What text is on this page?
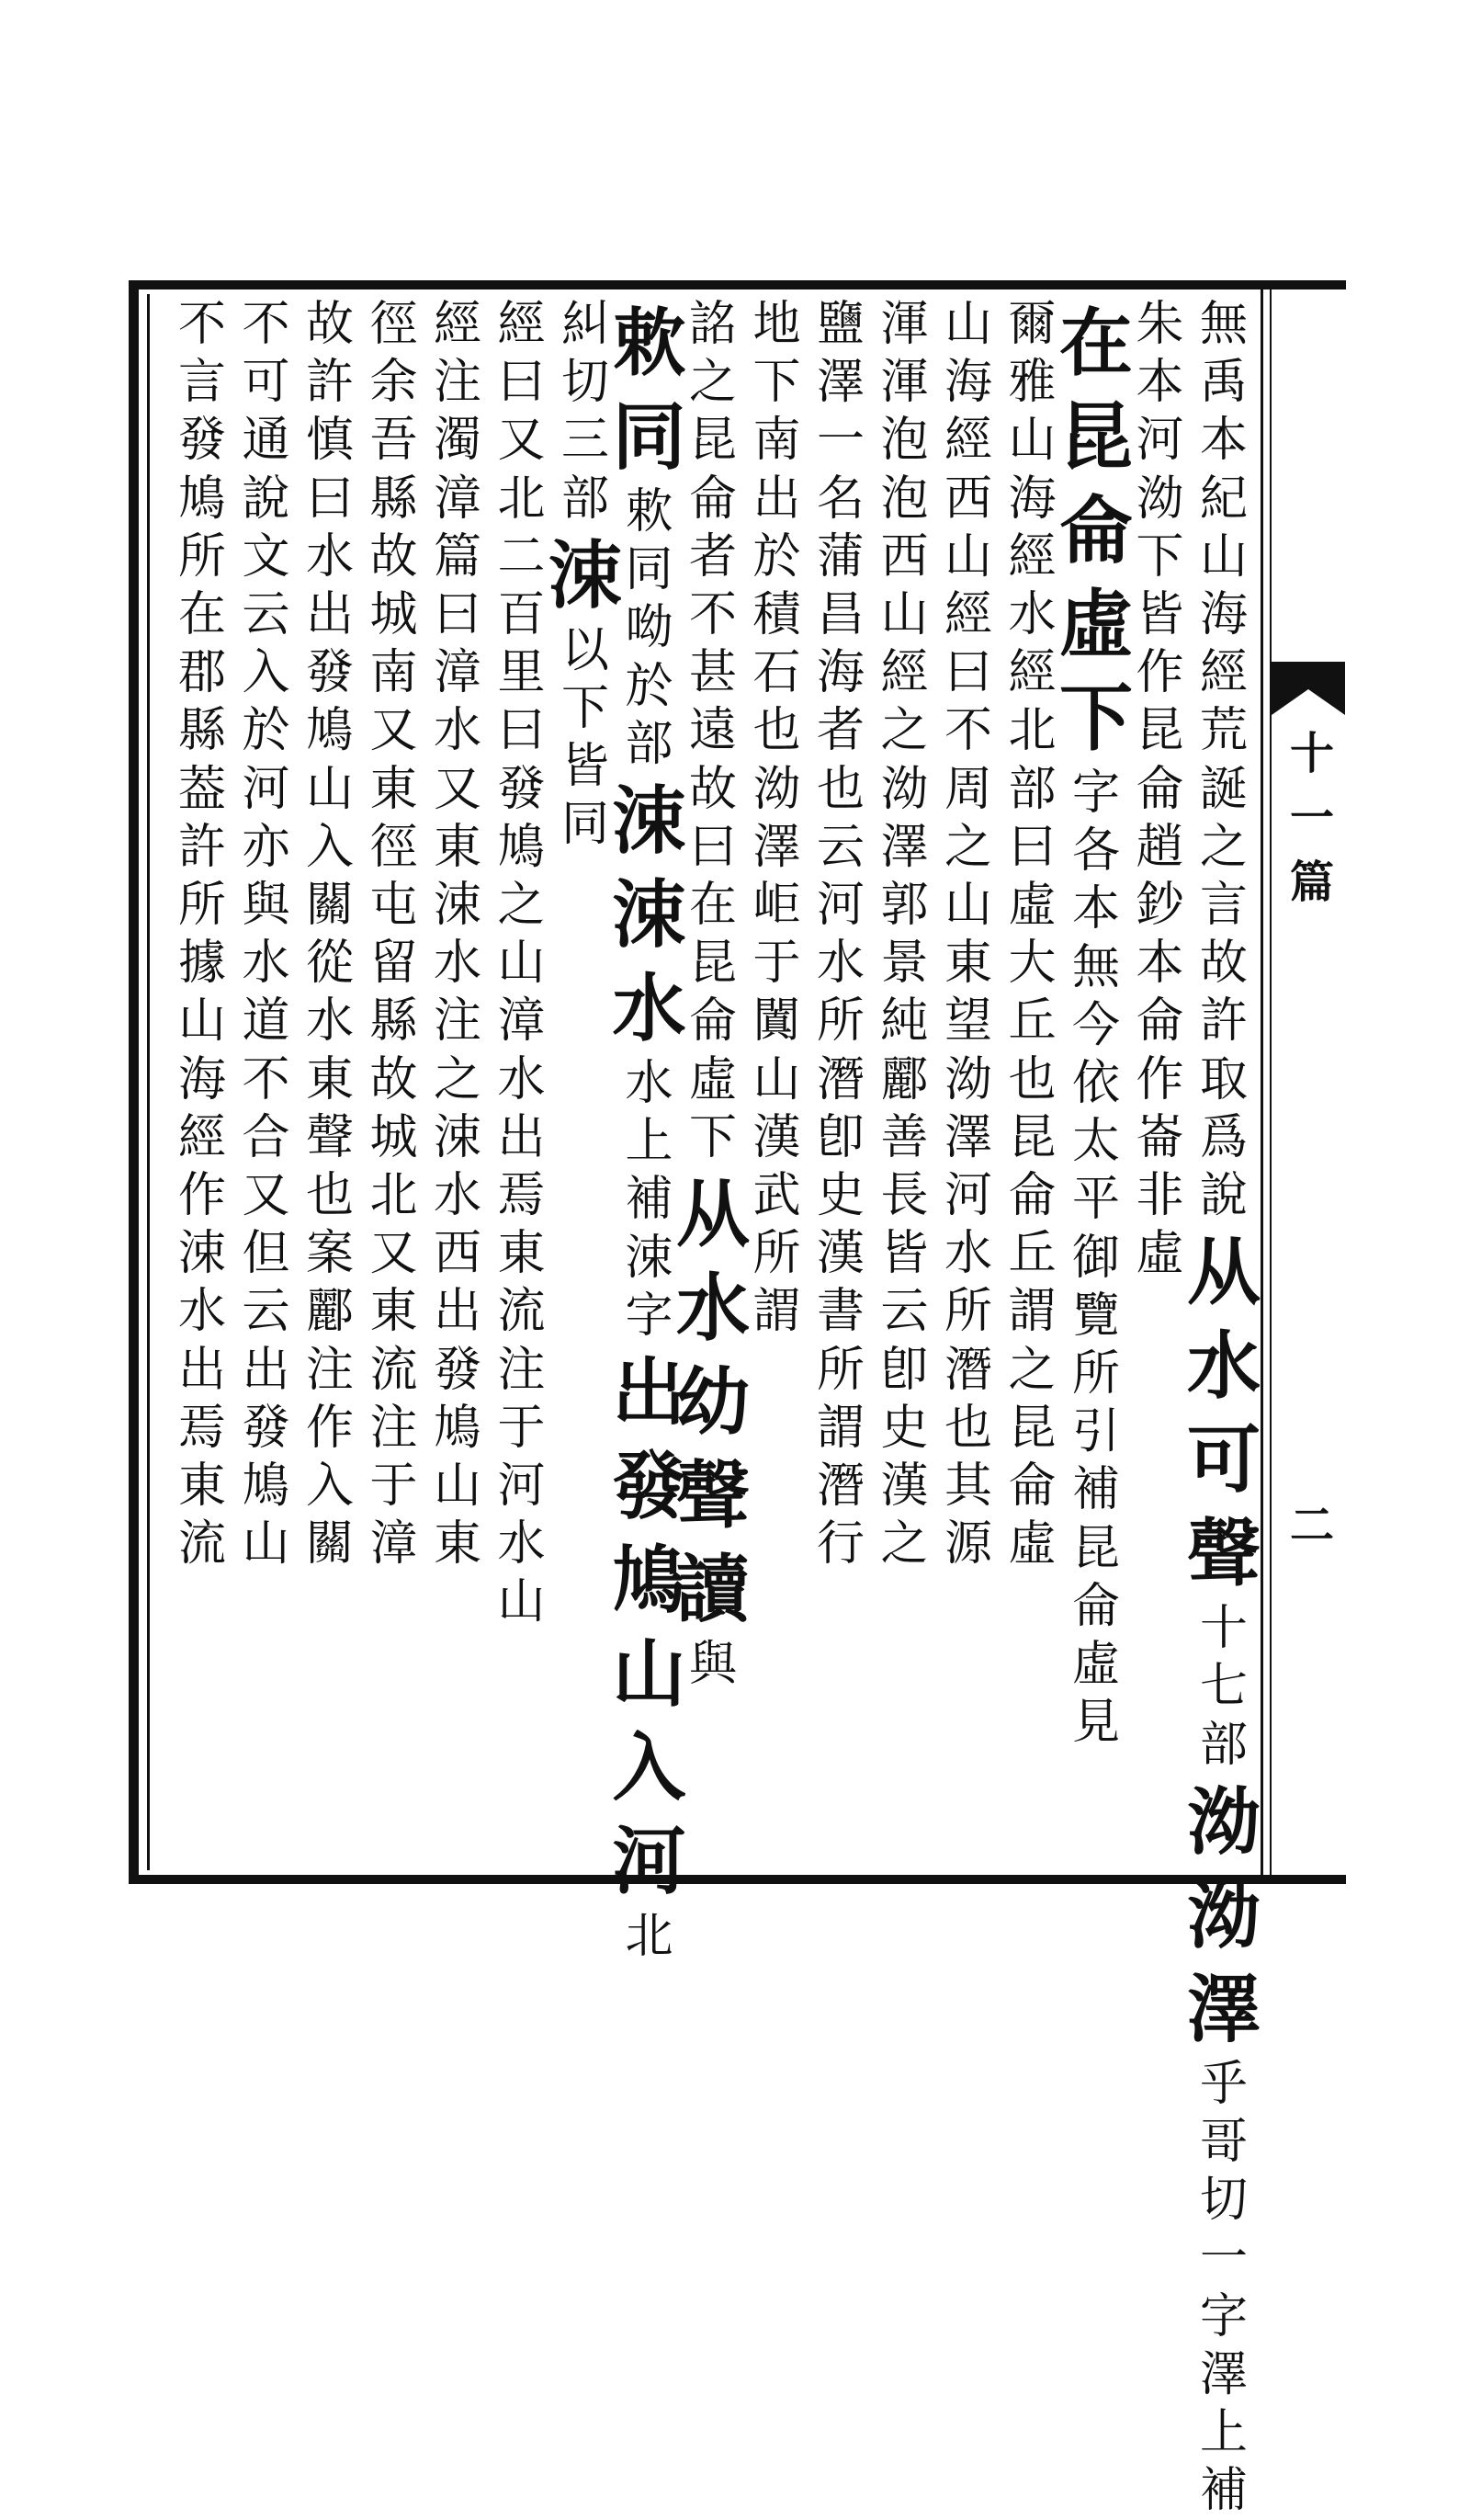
無
禹
本
紀
山
海
經
荒
誕
之
言
故
許
取
爲
說
从
水
可
聲
十
七
部
泑
泑
澤
乎
哥
切
一
字
澤
上
補
朱
本
河
泑
下
皆
作
昆
侖
趙
鈔
本
侖
作
崙
非
虛
在
昆
侖
虛
下
字
各
本
無
今
依
太
平
御
覽
所
引
補
昆
侖
虛
見
爾
雅
山
海
經
水
經
北
部
曰
虛
大
丘
也
昆
侖
丘
謂
之
昆
侖
虛
山
海
經
西
山
經
曰
不
周
之
山
東
望
泑
澤
河
水
所
潛
也
其
源
渾
渾
泡
泡
西
山
經
之
泑
澤
郭
景
純
酈
善
長
皆
云
卽
史
漢
之
鹽
澤
一
名
蒲
昌
海
者
也
云
河
水
所
潛
卽
史
漢
書
所
謂
潛
行
地
下
南
出
於
積
石
也
泑
澤
岠
于
闐
山
漢
武
所
謂
詺
之
昆
侖
者
不
甚
遠
故
曰
在
昆
侖
虛
下
从
水
幼
聲
讀
與
欶
同
欶
同
呦
於
部
涑
涑
水
水
上
補
涑
字
出
發
鳩
山
入
河
北
糾
切
三
部
涑
以
下
皆
同
經
曰
又
北
二
百
里
曰
發
鳩
之
山
漳
水
出
焉
東
流
注
于
河
水
山
經
注
濁
漳
篇
曰
漳
水
又
東
涑
水
注
之
涑
水
西
出
發
鳩
山
東
徑
余
吾
縣
故
城
南
又
東
徑
屯
留
縣
故
城
北
又
東
流
注
于
漳
故
許
慎
曰
水
出
發
鳩
山
入
關
從
水
東
聲
也
案
酈
注
作
入
關
不
可
通
說
文
云
入
於
河
亦
與
水
道
不
合
又
但
云
出
發
鳩
山
不
言
發
鳩
所
在
郡
縣
葢
許
所
據
山
海
經
作
涑
水
出
焉
東
流
十
一
篇
二
